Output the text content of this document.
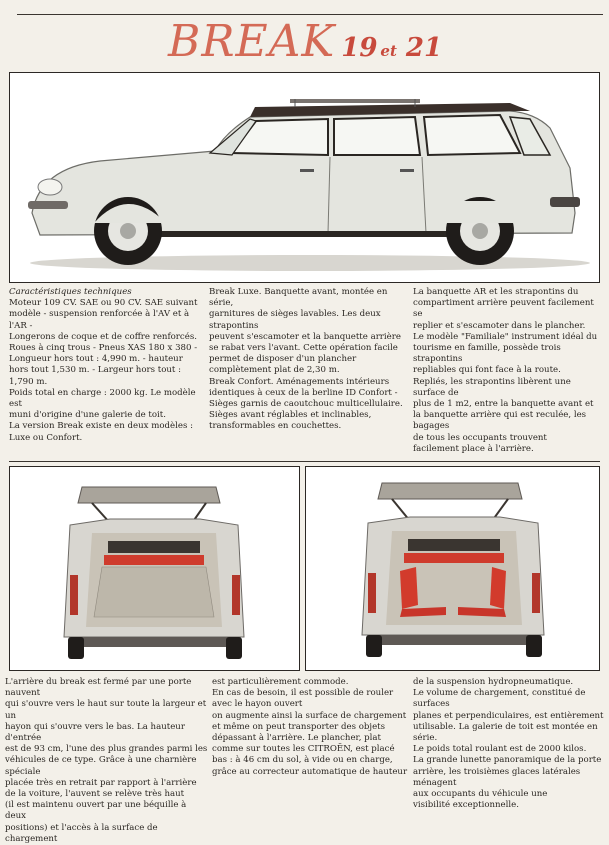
BREAK 19 et 21

Caractéristiques techniques
Moteur 109 CV. SAE ou 90 CV. SAE suivant
modèle - suspension renforcée à l'AV et à l'AR -
Longerons de coque et de coffre renforcés.
Roues à cinq trous - Pneus XAS 180 x 380 -
Longueur hors tout : 4,990 m. - hauteur
hors tout 1,530 m. - Largeur hors tout : 1,790 m.
Poids total en charge : 2000 kg. Le modèle est
muni d'origine d'une galerie de toit.
La version Break existe en deux modèles :
Luxe ou Confort.

Break Luxe. Banquette avant, montée en série,
garnitures de sièges lavables. Les deux strapontins
peuvent s'escamoter et la banquette arrière
se rabat vers l'avant. Cette opération facile
permet de disposer d'un plancher
complètement plat de 2,30 m.
Break Confort. Aménagements intérieurs
identiques à ceux de la berline ID Confort -
Sièges garnis de caoutchouc multicellulaire.
Sièges avant réglables et inclinables,
transformables en couchettes.

La banquette AR et les strapontins du
compartiment arrière peuvent facilement se
replier et s'escamoter dans le plancher.
Le modèle "Familiale" instrument idéal du
tourisme en famille, possède trois strapontins
repliables qui font face à la route.
Repliés, les strapontins libèrent une surface de
plus de 1 m2, entre la banquette avant et
la banquette arrière qui est reculée, les bagages
de tous les occupants trouvent
facilement place à l'arrière.

L'arrière du break est fermé par une porte nauvent
qui s'ouvre vers le haut sur toute la largeur et un
hayon qui s'ouvre vers le bas. La hauteur d'entrée
est de 93 cm, l'une des plus grandes parmi les
véhicules de ce type. Grâce à une charnière spéciale
placée très en retrait par rapport à l'arrière
de la voiture, l'auvent se relève très haut
(il est maintenu ouvert par une béquille à deux
positions) et l'accès à la surface de chargement

est particulièrement commode.
En cas de besoin, il est possible de rouler
avec le hayon ouvert
on augmente ainsi la surface de chargement
et même on peut transporter des objets
dépassant à l'arrière. Le plancher, plat
comme sur toutes les CITROËN, est placé
bas : à 46 cm du sol, à vide ou en charge,
grâce au correcteur automatique de hauteur

de la suspension hydropneumatique.
Le volume de chargement, constitué de surfaces
planes et perpendiculaires, est entièrement
utilisable. La galerie de toit est montée en série.
Le poids total roulant est de 2000 kilos.
La grande lunette panoramique de la porte
arrière, les troisièmes glaces latérales ménagent
aux occupants du véhicule une
visibilité exceptionnelle.
